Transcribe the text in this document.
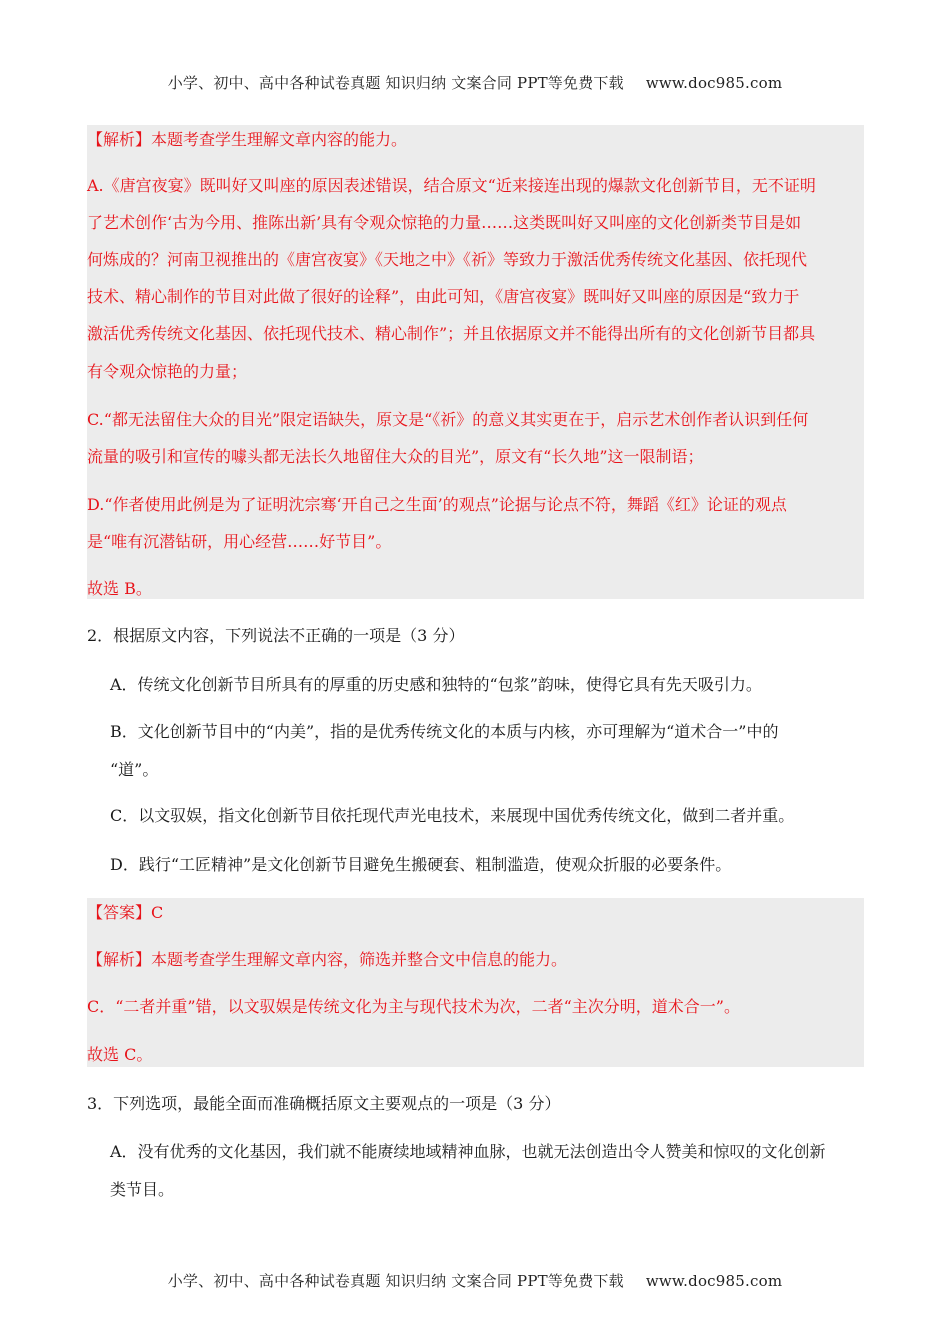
小学、初中、高中各种试卷真题 知识归纳 文案合同 PPT等免费下载 www.doc985.com
【解析】本题考查学生理解文章内容的能力。
A.《唐宫夜宴》既叫好又叫座的原因表述错误，结合原文“近来接连出现的爆款文化创新节目，无不证明
了艺术创作‘古为今用、推陈出新’具有令观众惊艳的力量……这类既叫好又叫座的文化创新类节目是如
何炼成的？河南卫视推出的《唐宫夜宴》《天地之中》《祈》等致力于激活优秀传统文化基因、依托现代
技术、精心制作的节目对此做了很好的诠释”，由此可知，《唐宫夜宴》既叫好又叫座的原因是“致力于
激活优秀传统文化基因、依托现代技术、精心制作”；并且依据原文并不能得出所有的文化创新节目都具
有令观众惊艳的力量；
C.“都无法留住大众的目光”限定语缺失，原文是“《祈》的意义其实更在于，启示艺术创作者认识到任何
流量的吸引和宣传的噱头都无法长久地留住大众的目光”，原文有“长久地”这一限制语；
D.“作者使用此例是为了证明沈宗骞‘开自己之生面’的观点”论据与论点不符，舞蹈《红》论证的观点
是“唯有沉潜钻研，用心经营……好节目”。
故选 B。
2．根据原文内容，下列说法不正确的一项是（3 分）
A．传统文化创新节目所具有的厚重的历史感和独特的“包浆”韵味，使得它具有先天吸引力。
B．文化创新节目中的“内美”，指的是优秀传统文化的本质与内核，亦可理解为“道术合一”中的
“道”。
C．以文驭娱，指文化创新节目依托现代声光电技术，来展现中国优秀传统文化，做到二者并重。
D．践行“工匠精神”是文化创新节目避免生搬硬套、粗制滥造，使观众折服的必要条件。
【答案】C
【解析】本题考查学生理解文章内容，筛选并整合文中信息的能力。
C．“二者并重”错，以文驭娱是传统文化为主与现代技术为次，二者“主次分明，道术合一”。
故选 C。
3．下列选项，最能全面而准确概括原文主要观点的一项是（3 分）
A．没有优秀的文化基因，我们就不能赓续地域精神血脉，也就无法创造出令人赞美和惊叹的文化创新
类节目。
小学、初中、高中各种试卷真题 知识归纳 文案合同 PPT等免费下载 www.doc985.com
